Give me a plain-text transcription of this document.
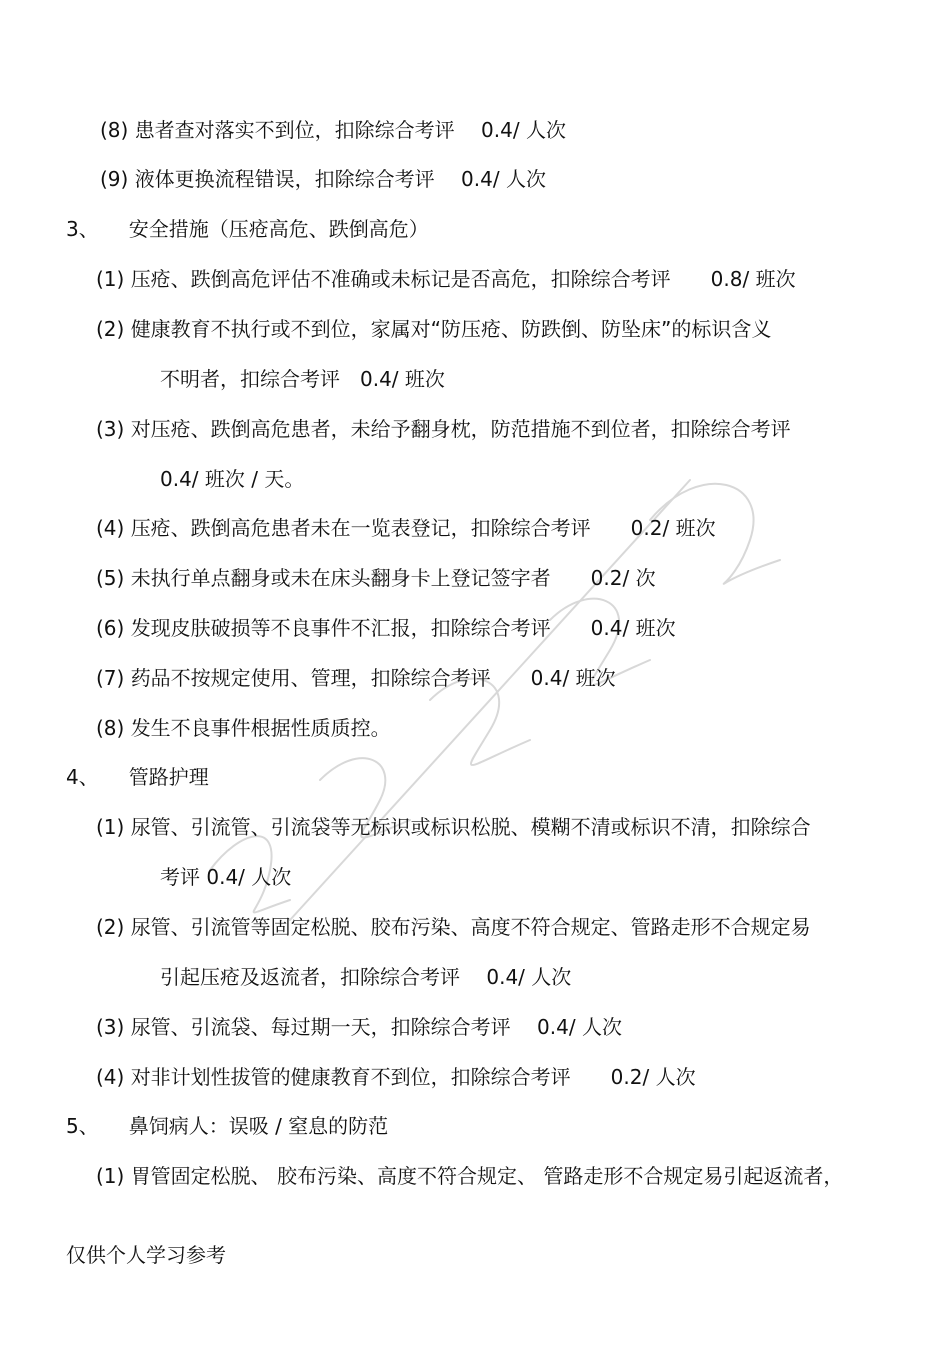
(8) 患者查对落实不到位，扣除综合考评　 0.4/ 人次
(9) 液体更换流程错误，扣除综合考评　 0.4/ 人次
3、　　安全措施（压疮高危、跌倒高危）
(1) 压疮、跌倒高危评估不准确或未标记是否高危，扣除综合考评　　0.8/ 班次
(2) 健康教育不执行或不到位，家属对“防压疮、防跌倒、防坠床”的标识含义
不明者，扣综合考评　0.4/ 班次
(3) 对压疮、跌倒高危患者，未给予翻身枕，防范措施不到位者，扣除综合考评
0.4/ 班次 / 天。
(4) 压疮、跌倒高危患者未在一览表登记，扣除综合考评　　0.2/ 班次
(5) 未执行单点翻身或未在床头翻身卡上登记签字者　　0.2/ 次
(6) 发现皮肤破损等不良事件不汇报，扣除综合考评　　0.4/ 班次
(7) 药品不按规定使用、管理，扣除综合考评　　0.4/ 班次
(8) 发生不良事件根据性质质控。
4、　　管路护理
(1) 尿管、引流管、引流袋等无标识或标识松脱、模糊不清或标识不清，扣除综合
考评 0.4/ 人次
(2) 尿管、引流管等固定松脱、胶布污染、高度不符合规定、管路走形不合规定易
引起压疮及返流者，扣除综合考评　 0.4/ 人次
(3) 尿管、引流袋、每过期一天，扣除综合考评　 0.4/ 人次
(4) 对非计划性拔管的健康教育不到位，扣除综合考评　　0.2/ 人次
5、　　鼻饲病人：误吸 / 窒息的防范
(1) 胃管固定松脱、 胶布污染、高度不符合规定、 管路走形不合规定易引起返流者，
仅供个人学习参考
